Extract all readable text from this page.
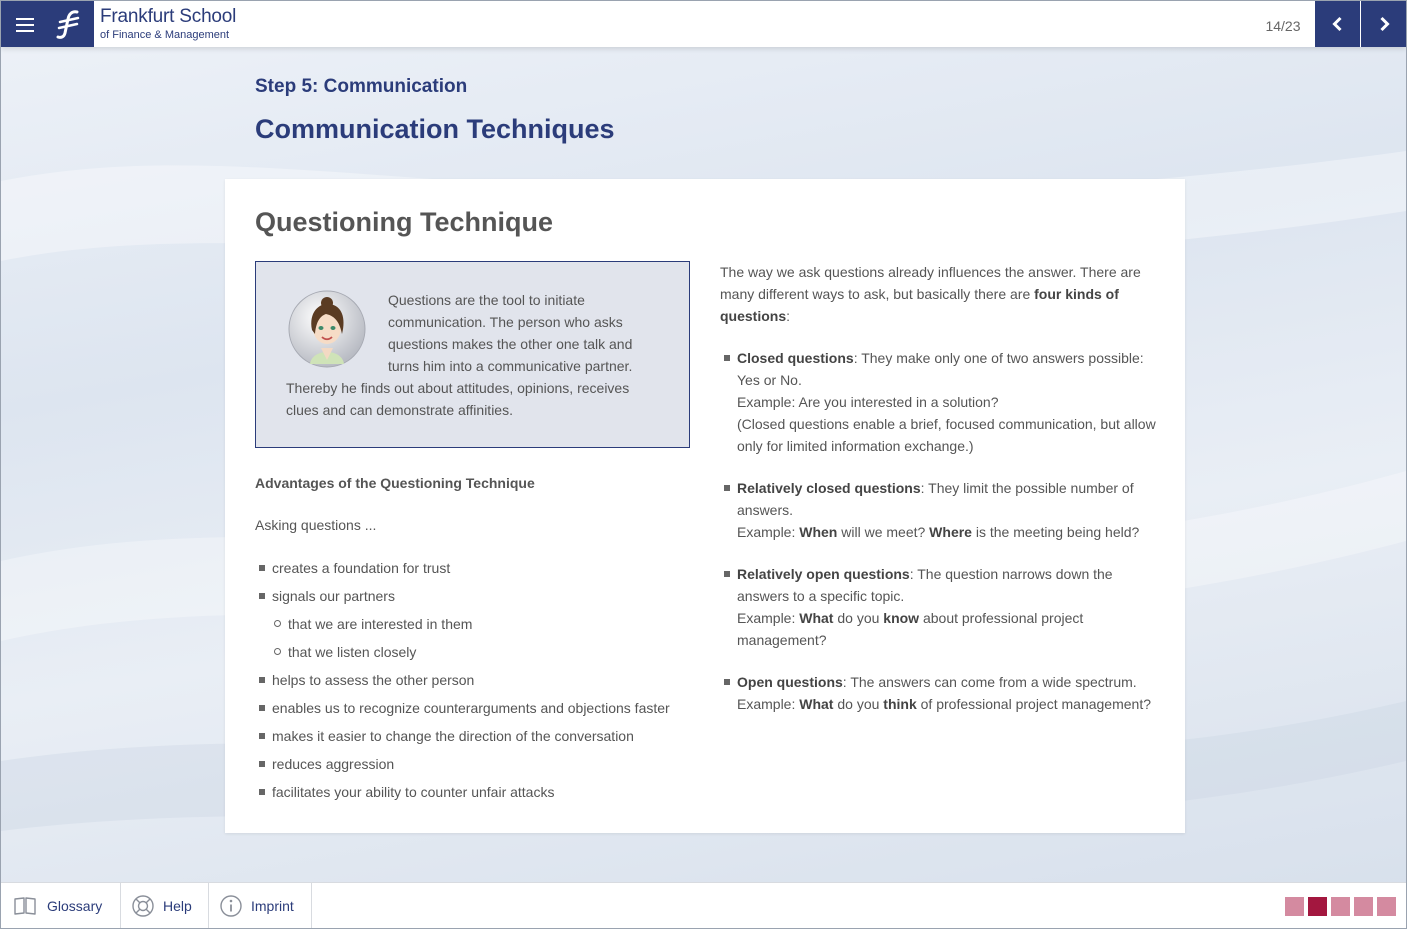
Frankfurt School
of Finance & Management
14/23
Step 5: Communication
Communication Techniques
Questioning Technique
Questions are the tool to initiate communication. The person who asks questions makes the other one talk and turns him into a communicative partner. Thereby he finds out about attitudes, opinions, receives clues and can demonstrate affinities.
Advantages of the Questioning Technique
Asking questions ...
creates a foundation for trust
signals our partners
that we are interested in them
that we listen closely
helps to assess the other person
enables us to recognize counterarguments and objections faster
makes it easier to change the direction of the conversation
reduces aggression
facilitates your ability to counter unfair attacks

The way we ask questions already influences the answer. There are many different ways to ask, but basically there are four kinds of questions:

Closed questions: They make only one of two answers possible: Yes or No.
Example: Are you interested in a solution?
(Closed questions enable a brief, focused communication, but allow only for limited information exchange.)
Relatively closed questions: They limit the possible number of answers.
Example: When will we meet? Where is the meeting being held?
Relatively open questions: The question narrows down the answers to a specific topic.
Example: What do you know about professional project management?
Open questions: The answers can come from a wide spectrum.
Example: What do you think of professional project management?
Glossary	Help	Imprint
